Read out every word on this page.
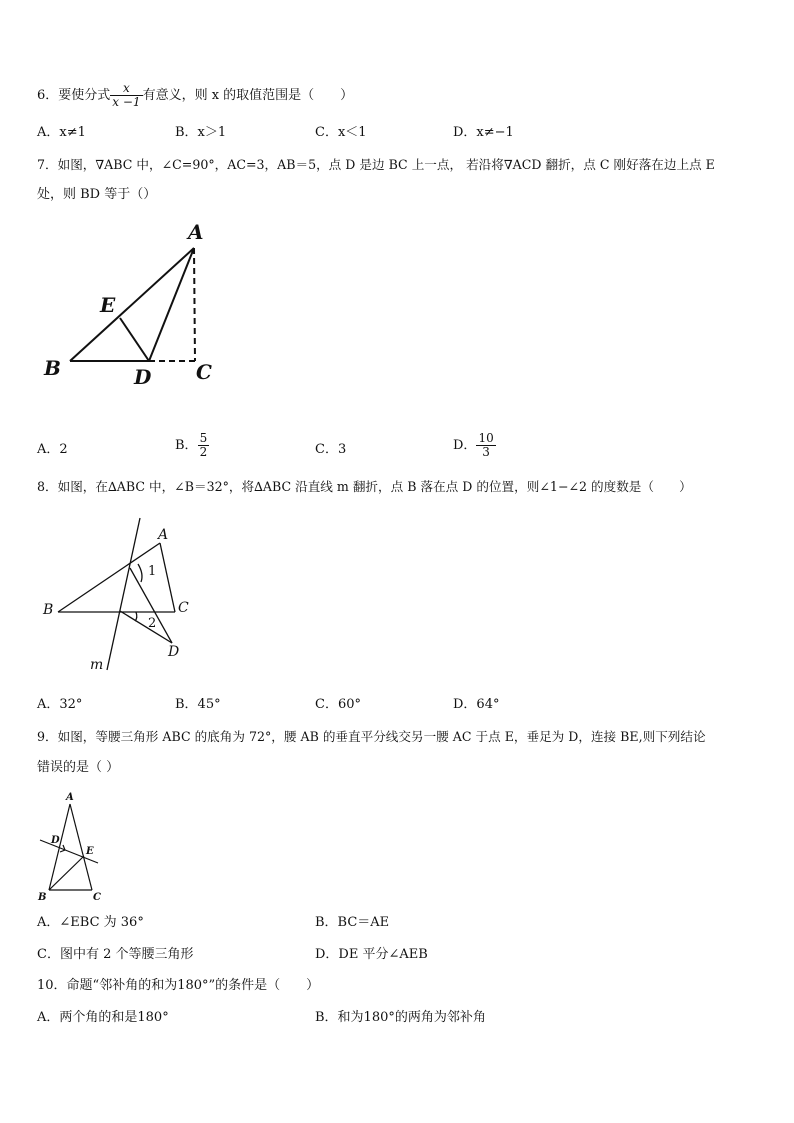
6．要使分式 $\frac{x}{x -1}$ 有意义，则 x 的取值范围是（　　）
A．x≠1	B．x＞1	C．x＜1	D．x≠−1
7．如图，∇ABC 中，∠C=90°，AC=3，AB＝5，点 D 是边 BC 上一点， 若沿将∇ACD 翻折，点 C 刚好落在边上点 E
处，则 BD 等于（）
A
E
B	D C
A．2	B． $\frac{5}{2}$	C．3	D． $\frac{10}{3}$
8．如图，在∆ABC 中，∠B＝32°，将∆ABC 沿直线 m 翻折，点 B 落在点 D 的位置，则∠1−∠2 的度数是（　　）
A
B	C
D
m
1
2
A．32°	B．45°	C．60°	D．64°
9．如图，等腰三角形 ABC 的底角为 72°，腰 AB 的垂直平分线交另一腰 AC 于点 E，垂足为 D，连接 BE,则下列结论
错误的是（ ）
A
D
E
B	C
A．∠EBC 为 36°	B．BC＝AE
C．图中有 2 个等腰三角形	D．DE 平分∠AEB
10．命题“邻补角的和为180°”的条件是（　　）
A．两个角的和是180°	B．和为180°的两角为邻补角
